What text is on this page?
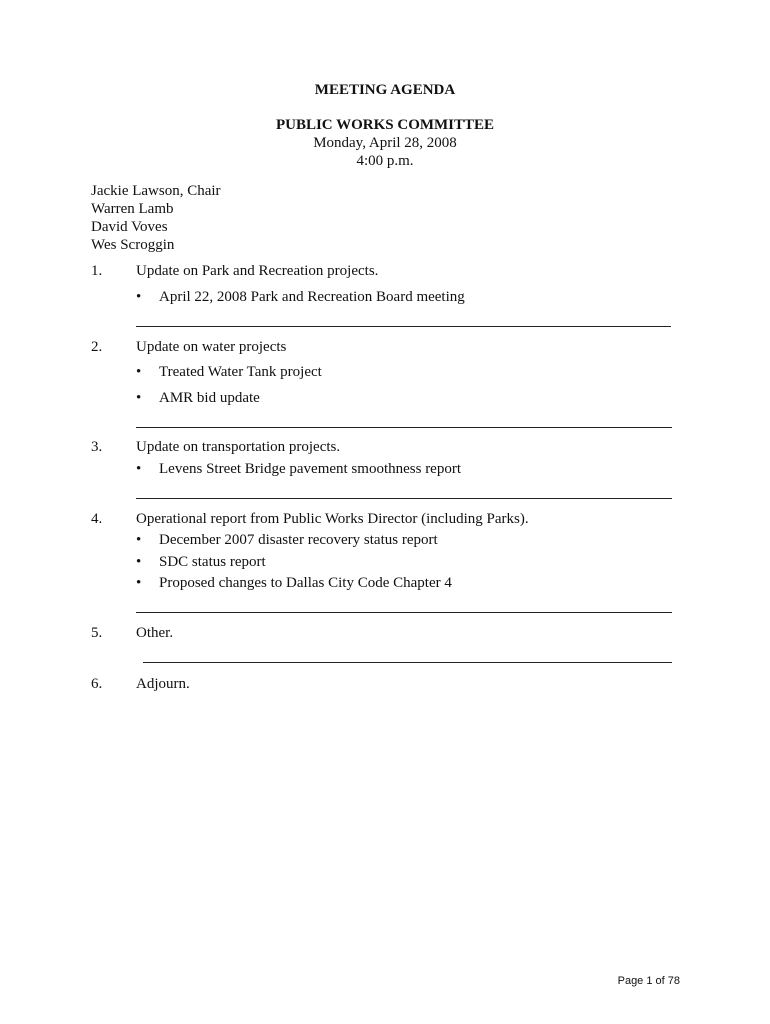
MEETING AGENDA
PUBLIC WORKS COMMITTEE
Monday, April 28, 2008
4:00 p.m.
Jackie Lawson, Chair
Warren Lamb
David Voves
Wes Scroggin
1. Update on Park and Recreation projects.
• April 22, 2008 Park and Recreation Board meeting
2. Update on water projects
• Treated Water Tank project
• AMR bid update
3. Update on transportation projects.
• Levens Street Bridge pavement smoothness report
4. Operational report from Public Works Director (including Parks).
• December 2007 disaster recovery status report
• SDC status report
• Proposed changes to Dallas City Code Chapter 4
5. Other.
6. Adjourn.
Page 1 of 78
